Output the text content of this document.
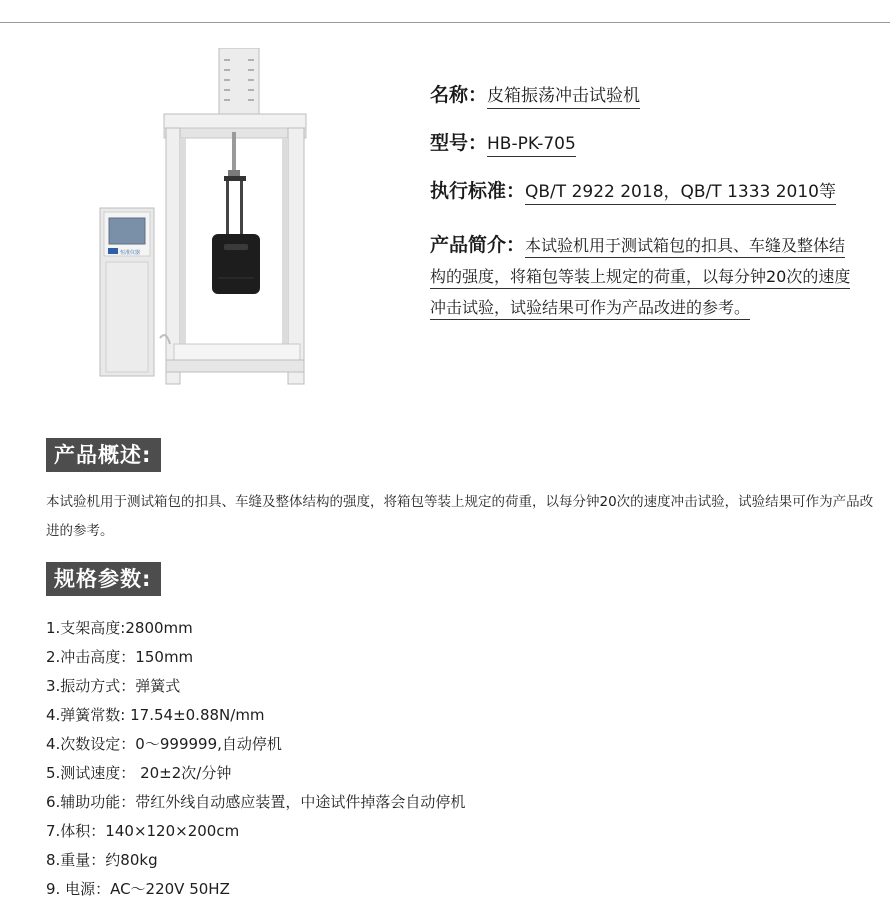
恒准仪器

名称：皮箱振荡冲击试验机

型号：HB-PK-705

执行标准：QB/T 2922 2018，QB/T 1333 2010等

产品简介：本试验机用于测试箱包的扣具、车缝及整体结构的强度，将箱包等装上规定的荷重，以每分钟20次的速度冲击试验，试验结果可作为产品改进的参考。

产品概述:
本试验机用于测试箱包的扣具、车缝及整体结构的强度，将箱包等装上规定的荷重，以每分钟20次的速度冲击试验，试验结果可作为产品改进的参考。
规格参数:
1.支架高度:2800mm
2.冲击高度：150mm
3.振动方式：弹簧式
4.弹簧常数: 17.54±0.88N/mm
4.次数设定：0～999999,自动停机
5.测试速度： 20±2次/分钟
6.辅助功能：带红外线自动感应装置，中途试件掉落会自动停机
7.体积：140×120×200cm
8.重量：约80kg
9. 电源：AC～220V 50HZ
